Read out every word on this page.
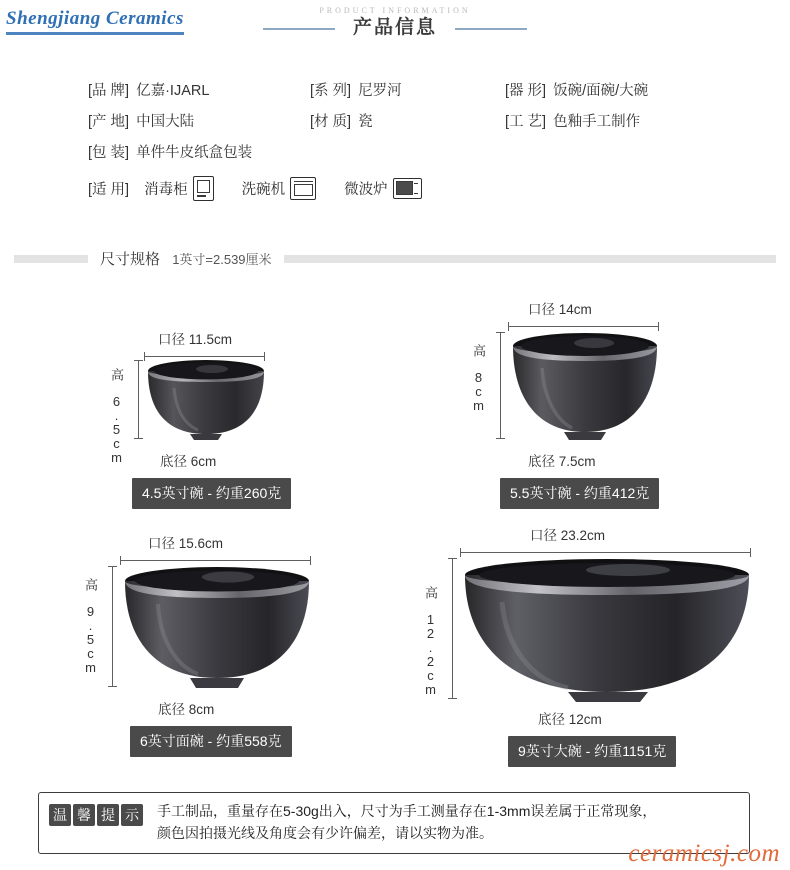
Shengjiang Ceramics	产品信息
PRODUCT INFORMATION
[品 牌] 亿嘉·IJARL	[系 列] 尼罗河	[器 形] 饭碗/面碗/大碗
[产 地] 中国大陆	[材 质] 瓷	[工 艺] 色釉手工制作
[包 装] 单件牛皮纸盒包装
[适 用] 消毒柜	洗碗机	微波炉
尺寸规格 1英寸=2.539厘米
口径 11.5cm
高 6.5cm	底径 6cm
4.5英寸碗 - 约重260克
口径 14cm
高 8cm
底径 7.5cm
5.5英寸碗 - 约重412克
口径 15.6cm
高 9.5cm
底径 8cm
6英寸面碗 - 约重558克
口径 23.2cm
高 12.2cm
底径 12cm
9英寸大碗 - 约重1151克
温 馨 提 示 手工制品，重量存在5-30g出入，尺寸为手工测量存在1-3mm误差属于正常现象，
颜色因拍摄光线及角度会有少许偏差，请以实物为准。
ceramicsj.com
